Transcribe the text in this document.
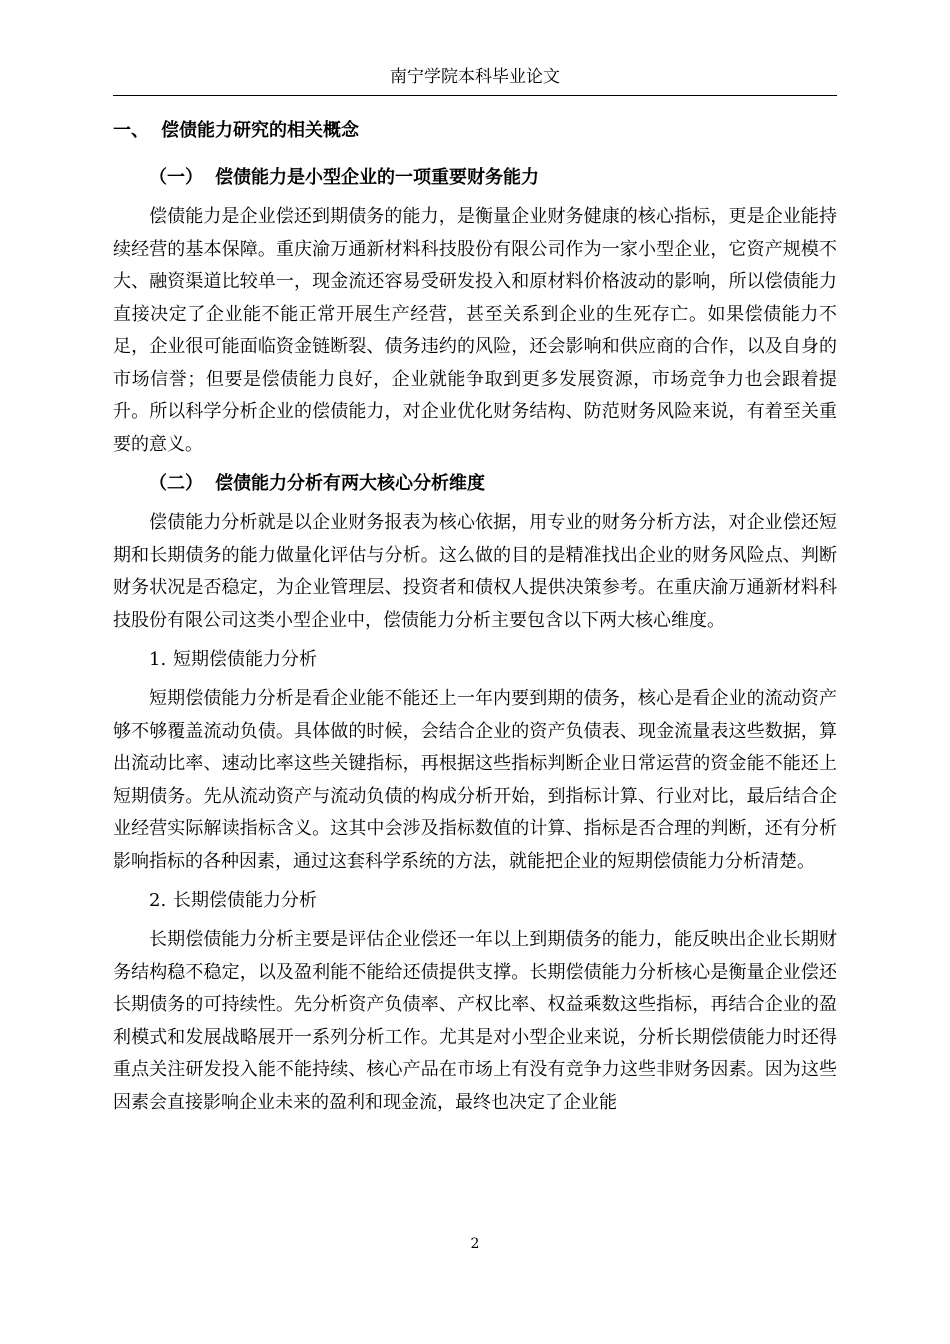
南宁学院本科毕业论文
一、 偿债能力研究的相关概念
（一） 偿债能力是小型企业的一项重要财务能力

偿债能力是企业偿还到期债务的能力，是衡量企业财务健康的核心指标，更是企业能持续经营的基本保障。重庆渝万通新材料科技股份有限公司作为一家小型企业，它资产规模不大、融资渠道比较单一，现金流还容易受研发投入和原材料价格波动的影响，所以偿债能力直接决定了企业能不能正常开展生产经营，甚至关系到企业的生死存亡。如果偿债能力不足，企业很可能面临资金链断裂、债务违约的风险，还会影响和供应商的合作，以及自身的市场信誉；但要是偿债能力良好，企业就能争取到更多发展资源，市场竞争力也会跟着提升。所以科学分析企业的偿债能力，对企业优化财务结构、防范财务风险来说，有着至关重要的意义。

（二） 偿债能力分析有两大核心分析维度

偿债能力分析就是以企业财务报表为核心依据，用专业的财务分析方法，对企业偿还短期和长期债务的能力做量化评估与分析。这么做的目的是精准找出企业的财务风险点、判断财务状况是否稳定，为企业管理层、投资者和债权人提供决策参考。在重庆渝万通新材料科技股份有限公司这类小型企业中，偿债能力分析主要包含以下两大核心维度。

1. 短期偿债能力分析

短期偿债能力分析是看企业能不能还上一年内要到期的债务，核心是看企业的流动资产够不够覆盖流动负债。具体做的时候，会结合企业的资产负债表、现金流量表这些数据，算出流动比率、速动比率这些关键指标，再根据这些指标判断企业日常运营的资金能不能还上短期债务。先从流动资产与流动负债的构成分析开始，到指标计算、行业对比，最后结合企业经营实际解读指标含义。这其中会涉及指标数值的计算、指标是否合理的判断，还有分析影响指标的各种因素，通过这套科学系统的方法，就能把企业的短期偿债能力分析清楚。

2. 长期偿债能力分析

长期偿债能力分析主要是评估企业偿还一年以上到期债务的能力，能反映出企业长期财务结构稳不稳定，以及盈利能不能给还债提供支撑。长期偿债能力分析核心是衡量企业偿还长期债务的可持续性。先分析资产负债率、产权比率、权益乘数这些指标，再结合企业的盈利模式和发展战略展开一系列分析工作。尤其是对小型企业来说，分析长期偿债能力时还得重点关注研发投入能不能持续、核心产品在市场上有没有竞争力这些非财务因素。因为这些因素会直接影响企业未来的盈利和现金流，最终也决定了企业能

2
